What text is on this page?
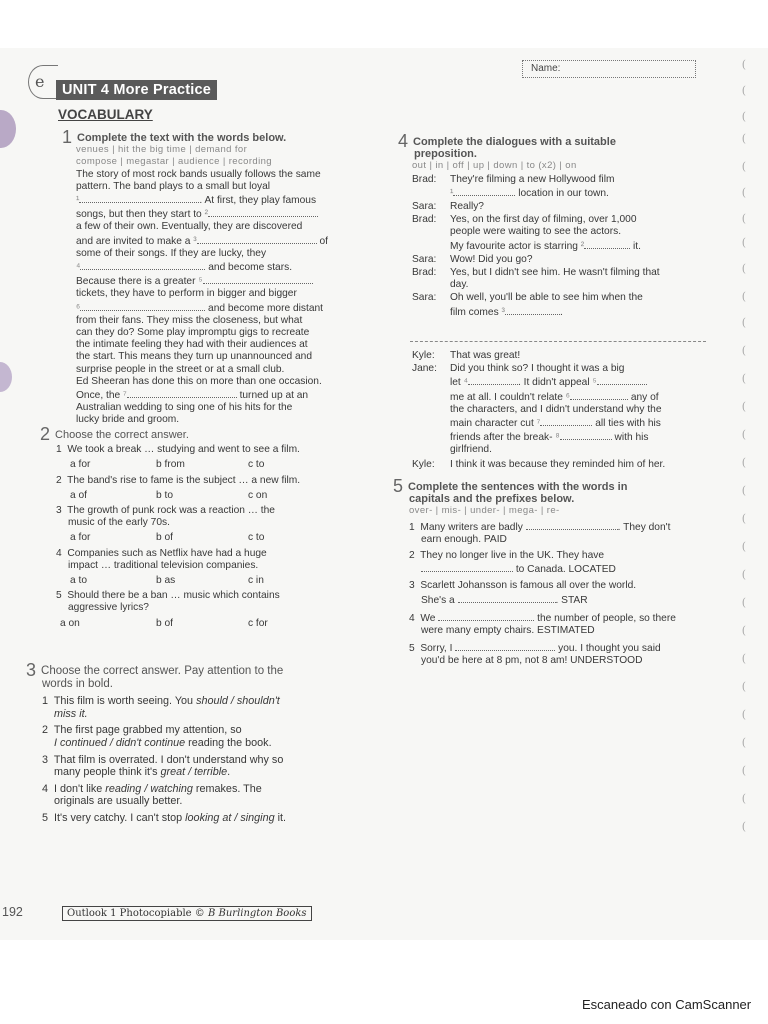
(
(
(
(
(
(
(
(
(
(
(
(
(
(
(
(
(
(
(
(
(
(
(
(
(
(
(
(
(
e	UNIT 4 More Practice
Name:
VOCABULARY

1 Complete the text with the words below.

venues | hit the big time | demand for

compose | megastar | audience | recording

The story of most rock bands usually follows the same

pattern. The band plays to a small but loyal

¹	. At first, they play famous

songs, but then they start to ²

a few of their own. Eventually, they are discovered

and are invited to make a ³	of

some of their songs. If they are lucky, they

⁴	and become stars.

Because there is a greater ⁵

tickets, they have to perform in bigger and bigger

⁶	and become more distant

from their fans. They miss the closeness, but what

can they do? Some play impromptu gigs to recreate

the intimate feeling they had with their audiences at

the start. This means they turn up unannounced and

surprise people in the street or at a small club.

Ed Sheeran has done this on more than one occasion.

Once, the ⁷	turned up at an

Australian wedding to sing one of his hits for the

lucky bride and groom.

2 Choose the correct answer.

1 We took a break … studying and went to see a film.

a for	b from	c to

2 The band's rise to fame is the subject … a new film.

a of	b to	c on

3 The growth of punk rock was a reaction … the

music of the early 70s.

a for	b of	c to

4 Companies such as Netflix have had a huge

impact … traditional television companies.

a to	b as	c in

5 Should there be a ban … music which contains

aggressive lyrics?

a on	b of	c for

3 Choose the correct answer. Pay attention to the

words in bold.

1 This film is worth seeing. You should / shouldn't

miss it.

2 The first page grabbed my attention, so

I continued / didn't continue reading the book.

3 That film is overrated. I don't understand why so

many people think it's great / terrible.

4 I don't like reading / watching remakes. The

originals are usually better.

5 It's very catchy. I can't stop looking at / singing it.

4 Complete the dialogues with a suitable

preposition.

out | in | off | up | down | to (x2) | on

Brad:	They're filming a new Hollywood film

¹	location in our town.

Sara:	Really?

Brad:	Yes, on the first day of filming, over 1,000

people were waiting to see the actors.

My favourite actor is starring ²	it.

Sara:	Wow! Did you go?

Brad:	Yes, but I didn't see him. He wasn't filming that

day.

Sara:	Oh well, you'll be able to see him when the

film comes ³	.

Kyle:	That was great!

Jane:	Did you think so? I thought it was a big

let ⁴	. It didn't appeal ⁵

me at all. I couldn't relate ⁶	any of

the characters, and I didn't understand why the

main character cut ⁷	all ties with his

friends after the break- ⁸	with his

girlfriend.

Kyle:	I think it was because they reminded him of her.

5 Complete the sentences with the words in

capitals and the prefixes below.

over- | mis- | under- | mega- | re-

1 Many writers are badly	. They don't

earn enough. PAID

2 They no longer live in the UK. They have

to Canada. LOCATED

3 Scarlett Johansson is famous all over the world.

She's a	. STAR

4 We	the number of people, so there

were many empty chairs. ESTIMATED

5 Sorry, I	you. I thought you said

you'd be here at 8 pm, not 8 am! UNDERSTOOD

192	Outlook 1 Photocopiable © B Burlington Books
Escaneado con CamScanner
